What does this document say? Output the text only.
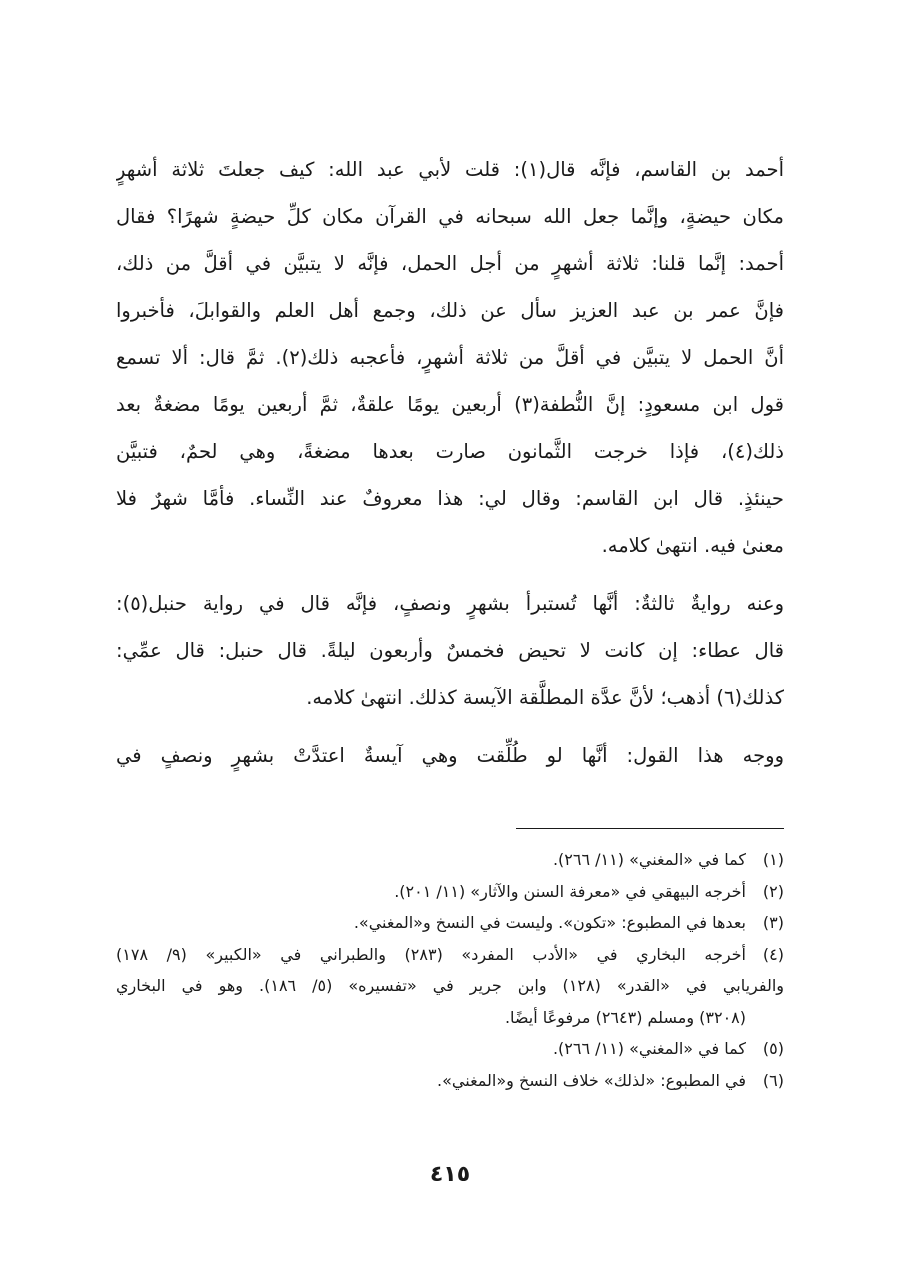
أحمد بن القاسم، فإنَّه قال(١): قلت لأبي عبد الله: كيف جعلتَ ثلاثة أشهرٍ
مكان حيضةٍ، وإنَّما جعل الله سبحانه في القرآن مكان كلِّ حيضةٍ شهرًا؟ فقال
أحمد: إنَّما قلنا: ثلاثة أشهرٍ من أجل الحمل، فإنَّه لا يتبيَّن في أقلَّ من ذلك،
فإنَّ عمر بن عبد العزيز سأل عن ذلك، وجمع أهل العلم والقوابلَ، فأخبروا
أنَّ الحمل لا يتبيَّن في أقلَّ من ثلاثة أشهرٍ، فأعجبه ذلك(٢). ثمَّ قال: ألا تسمع
قول ابن مسعودٍ: إنَّ النُّطفة(٣) أربعين يومًا علقةٌ، ثمَّ أربعين يومًا مضغةٌ بعد
ذلك(٤)، فإذا خرجت الثَّمانون صارت بعدها مضغةً، وهي لحمٌ، فتبيَّن
حينئذٍ. قال ابن القاسم: وقال لي: هذا معروفٌ عند النِّساء. فأمَّا شهرٌ فلا
معنىٰ فيه. انتهىٰ كلامه.
وعنه روايةٌ ثالثةٌ: أنَّها تُستبرأ بشهرٍ ونصفٍ، فإنَّه قال في رواية حنبل(٥):
قال عطاء: إن كانت لا تحيض فخمسٌ وأربعون ليلةً. قال حنبل: قال عمِّي:
كذلك(٦) أذهب؛ لأنَّ عدَّة المطلَّقة الآيسة كذلك. انتهىٰ كلامه.
ووجه هذا القول: أنَّها لو طُلِّقت وهي آيسةٌ اعتدَّتْ بشهرٍ ونصفٍ في
(١)
كما في «المغني» (١١/ ٢٦٦).
(٢)
أخرجه البيهقي في «معرفة السنن والآثار» (١١/ ٢٠١).
(٣)
بعدها في المطبوع: «تكون». وليست في النسخ و«المغني».
(٤)
أخرجه البخاري في «الأدب المفرد» (٢٨٣) والطبراني في «الكبير» (٩/ ١٧٨)
والفريابي في «القدر» (١٢٨) وابن جرير في «تفسيره» (٥/ ١٨٦). وهو في البخاري
(٣٢٠٨) ومسلم (٢٦٤٣) مرفوعًا أيضًا.
(٥)
كما في «المغني» (١١/ ٢٦٦).
(٦)
في المطبوع: «لذلك» خلاف النسخ و«المغني».
٤١٥
